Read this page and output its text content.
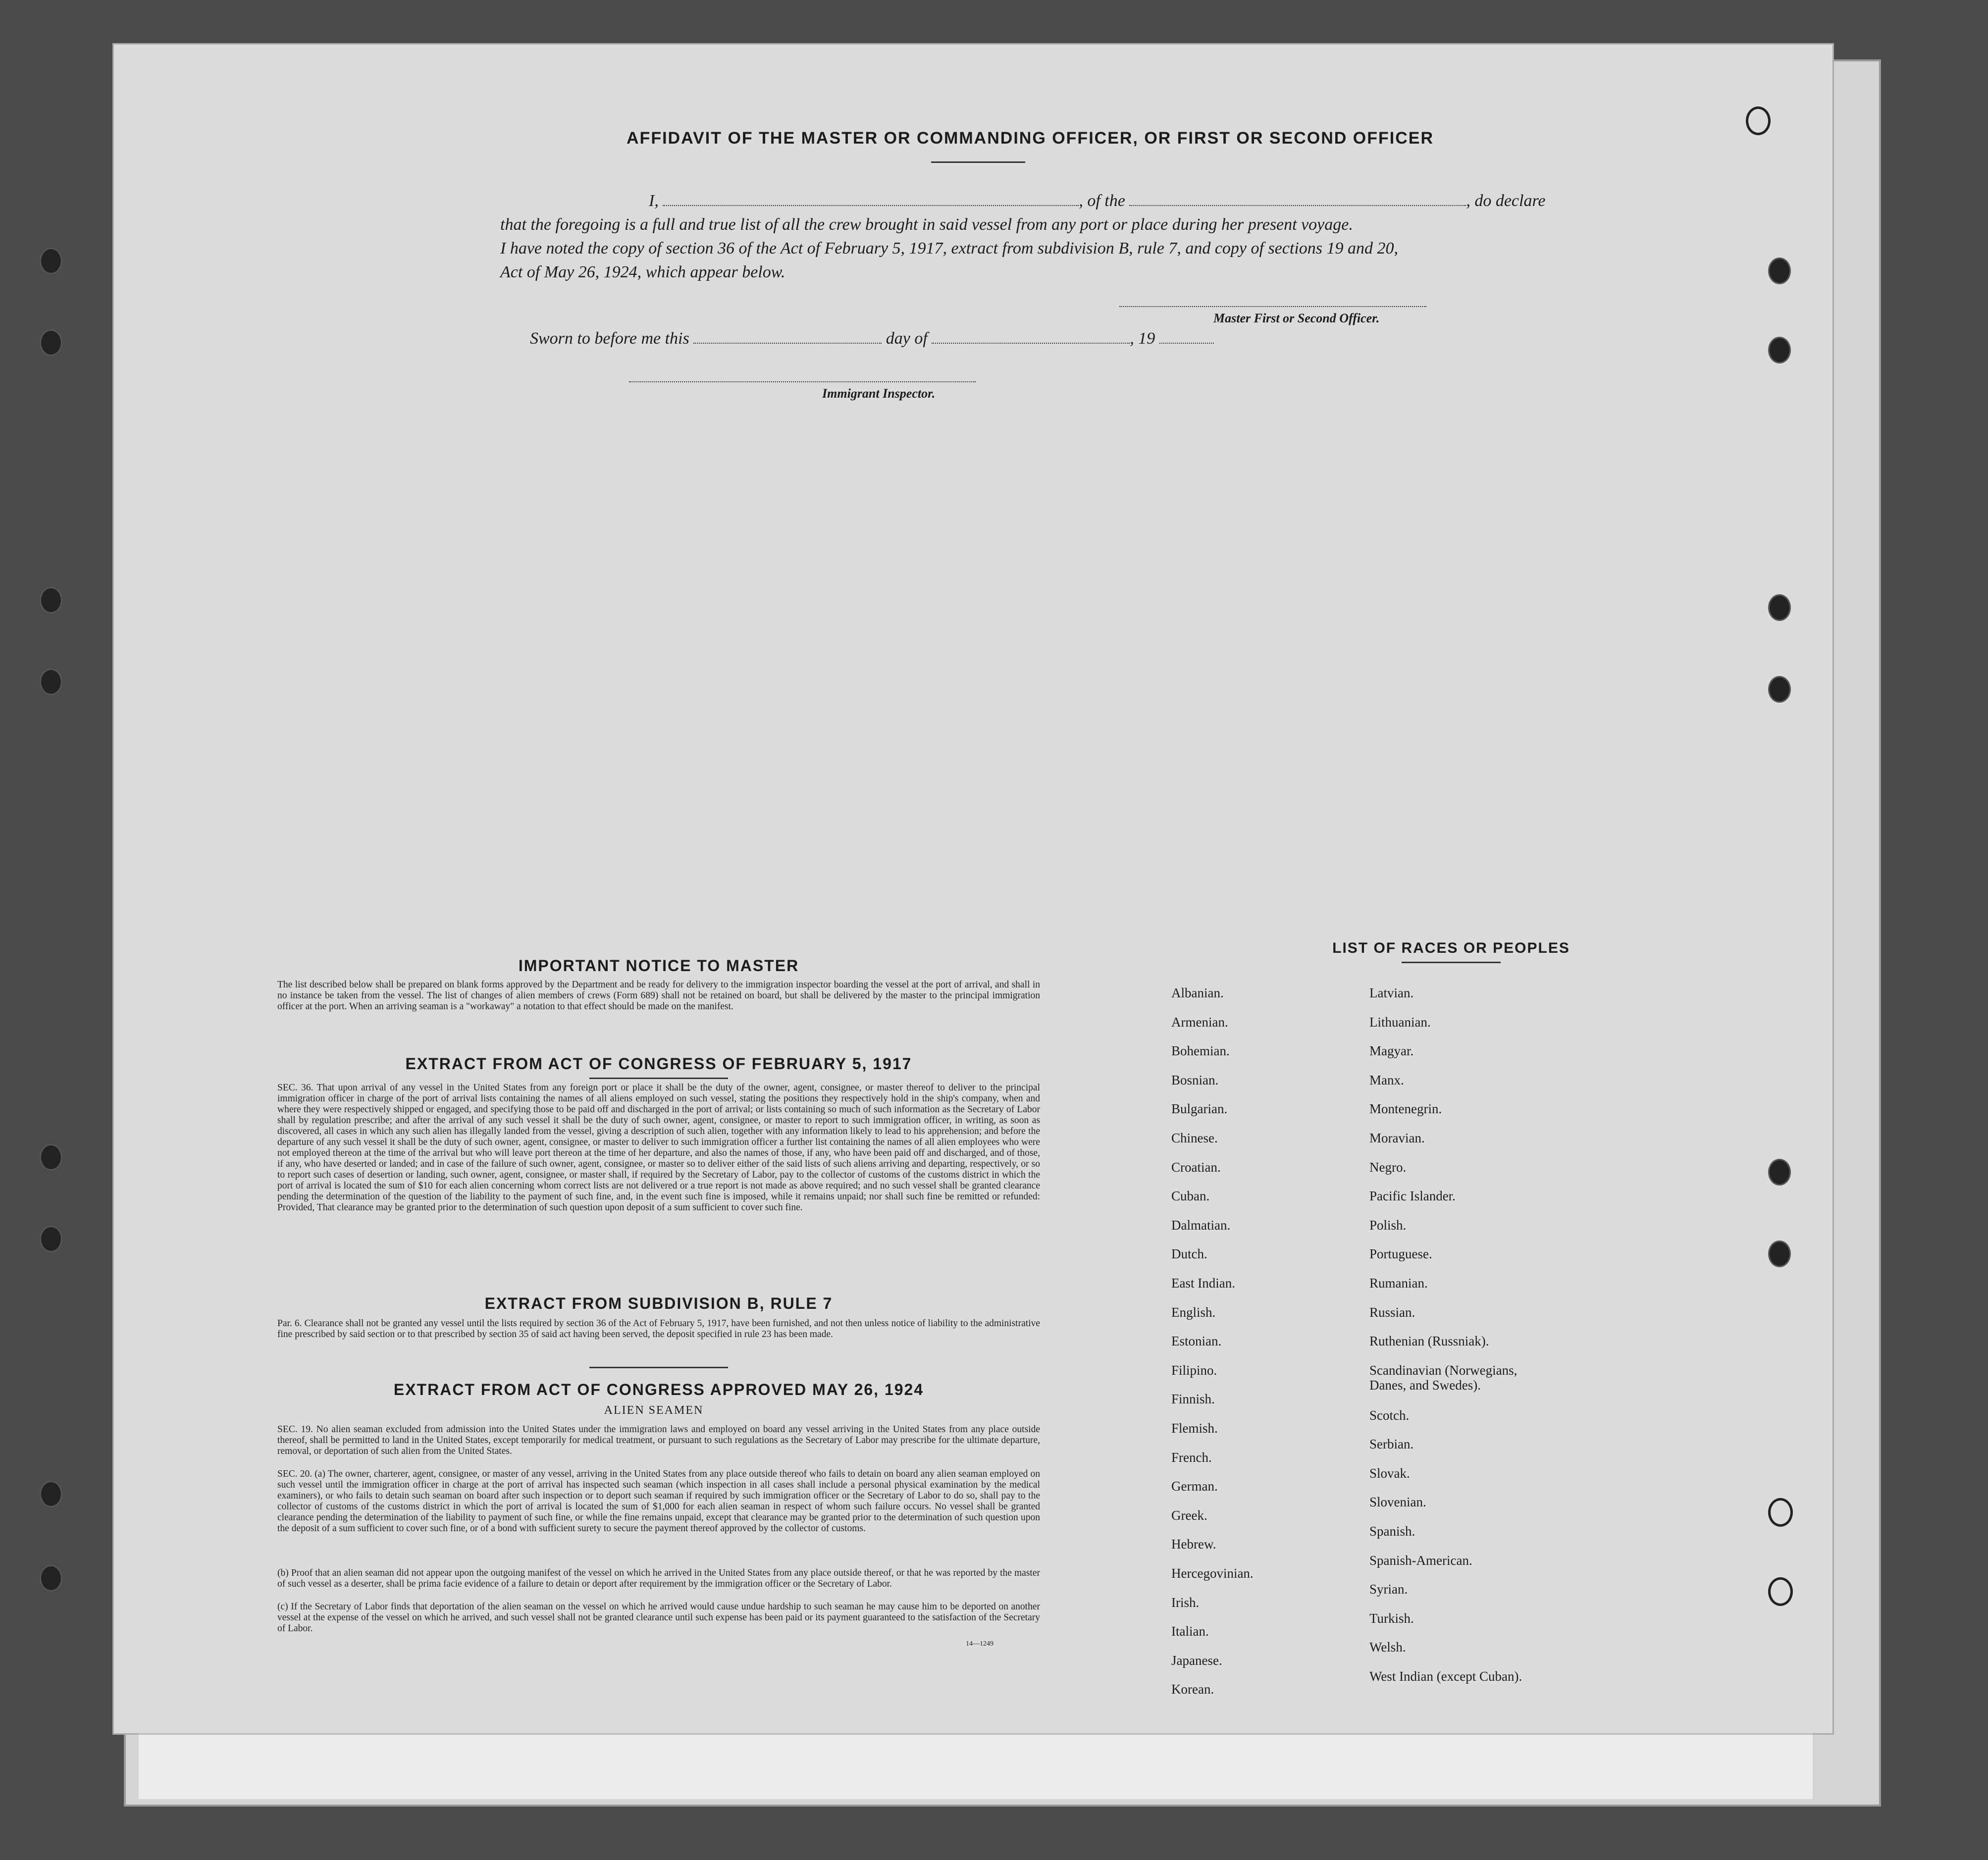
AFFIDAVIT OF THE MASTER OR COMMANDING OFFICER, OR FIRST OR SECOND OFFICER
I,	, of the	, do declare
that the foregoing is a full and true list of all the crew brought in said vessel from any port or place during her present voyage.
I have noted the copy of section 36 of the Act of February 5, 1917, extract from subdivision B, rule 7, and copy of sections 19 and 20,
Act of May 26, 1924, which appear below.
Master First or Second Officer.
Sworn to before me this	day of	, 19
Immigrant Inspector.
IMPORTANT NOTICE TO MASTER
The list described below shall be prepared on blank forms approved by the Department and be ready for delivery to the immigration inspector boarding the vessel at the port of arrival, and shall in no instance be taken from the vessel. The list of changes of alien members of crews (Form 689) shall not be retained on board, but shall be delivered by the master to the principal immigration officer at the port. When an arriving seaman is a "workaway" a notation to that effect should be made on the manifest.
EXTRACT FROM ACT OF CONGRESS OF FEBRUARY 5, 1917
SEC. 36. That upon arrival of any vessel in the United States from any foreign port or place it shall be the duty of the owner, agent, consignee, or master thereof to deliver to the principal immigration officer in charge of the port of arrival lists containing the names of all aliens employed on such vessel, stating the positions they respectively hold in the ship's company, when and where they were respectively shipped or engaged, and specifying those to be paid off and discharged in the port of arrival; or lists containing so much of such information as the Secretary of Labor shall by regulation prescribe; and after the arrival of any such vessel it shall be the duty of such owner, agent, consignee, or master to report to such immigration officer, in writing, as soon as discovered, all cases in which any such alien has illegally landed from the vessel, giving a description of such alien, together with any information likely to lead to his apprehension; and before the departure of any such vessel it shall be the duty of such owner, agent, consignee, or master to deliver to such immigration officer a further list containing the names of all alien employees who were not employed thereon at the time of the arrival but who will leave port thereon at the time of her departure, and also the names of those, if any, who have been paid off and discharged, and of those, if any, who have deserted or landed; and in case of the failure of such owner, agent, consignee, or master so to deliver either of the said lists of such aliens arriving and departing, respectively, or so to report such cases of desertion or landing, such owner, agent, consignee, or master shall, if required by the Secretary of Labor, pay to the collector of customs of the customs district in which the port of arrival is located the sum of $10 for each alien concerning whom correct lists are not delivered or a true report is not made as above required; and no such vessel shall be granted clearance pending the determination of the question of the liability to the payment of such fine, and, in the event such fine is imposed, while it remains unpaid; nor shall such fine be remitted or refunded: Provided, That clearance may be granted prior to the determination of such question upon deposit of a sum sufficient to cover such fine.
EXTRACT FROM SUBDIVISION B, RULE 7
Par. 6. Clearance shall not be granted any vessel until the lists required by section 36 of the Act of February 5, 1917, have been furnished, and not then unless notice of liability to the administrative fine prescribed by said section or to that prescribed by section 35 of said act having been served, the deposit specified in rule 23 has been made.
EXTRACT FROM ACT OF CONGRESS APPROVED MAY 26, 1924
ALIEN SEAMEN
SEC. 19. No alien seaman excluded from admission into the United States under the immigration laws and employed on board any vessel arriving in the United States from any place outside thereof, shall be permitted to land in the United States, except temporarily for medical treatment, or pursuant to such regulations as the Secretary of Labor may prescribe for the ultimate departure, removal, or deportation of such alien from the United States.
SEC. 20. (a) The owner, charterer, agent, consignee, or master of any vessel, arriving in the United States from any place outside thereof who fails to detain on board any alien seaman employed on such vessel until the immigration officer in charge at the port of arrival has inspected such seaman (which inspection in all cases shall include a personal physical examination by the medical examiners), or who fails to detain such seaman on board after such inspection or to deport such seaman if required by such immigration officer or the Secretary of Labor to do so, shall pay to the collector of customs of the customs district in which the port of arrival is located the sum of $1,000 for each alien seaman in respect of whom such failure occurs. No vessel shall be granted clearance pending the determination of the liability to payment of such fine, or while the fine remains unpaid, except that clearance may be granted prior to the determination of such question upon the deposit of a sum sufficient to cover such fine, or of a bond with sufficient surety to secure the payment thereof approved by the collector of customs.
(b) Proof that an alien seaman did not appear upon the outgoing manifest of the vessel on which he arrived in the United States from any place outside thereof, or that he was reported by the master of such vessel as a deserter, shall be prima facie evidence of a failure to detain or deport after requirement by the immigration officer or the Secretary of Labor.
(c) If the Secretary of Labor finds that deportation of the alien seaman on the vessel on which he arrived would cause undue hardship to such seaman he may cause him to be deported on another vessel at the expense of the vessel on which he arrived, and such vessel shall not be granted clearance until such expense has been paid or its payment guaranteed to the satisfaction of the Secretary of Labor.
14—1249
LIST OF RACES OR PEOPLES
Albanian.
Armenian.
Bohemian.
Bosnian.
Bulgarian.
Chinese.
Croatian.
Cuban.
Dalmatian.
Dutch.
East Indian.
English.
Estonian.
Filipino.
Finnish.
Flemish.
French.
German.
Greek.
Hebrew.
Hercegovinian.
Irish.
Italian.
Japanese.
Korean.
Latvian.
Lithuanian.
Magyar.
Manx.
Montenegrin.
Moravian.
Negro.
Pacific Islander.
Polish.
Portuguese.
Rumanian.
Russian.
Ruthenian (Russniak).
Scandinavian (Norwegians,
Danes, and Swedes).
Scotch.
Serbian.
Slovak.
Slovenian.
Spanish.
Spanish-American.
Syrian.
Turkish.
Welsh.
West Indian (except Cuban).
